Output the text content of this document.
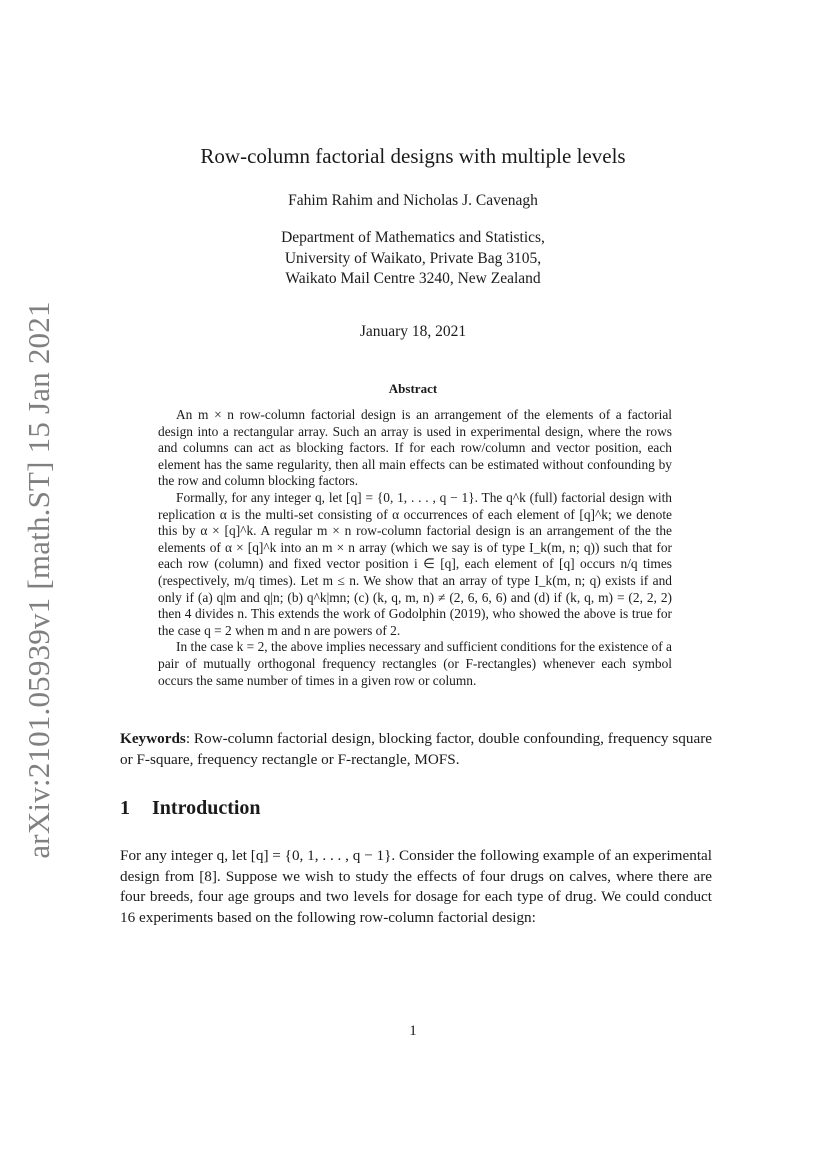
arXiv:2101.05939v1 [math.ST] 15 Jan 2021
Row-column factorial designs with multiple levels
Fahim Rahim and Nicholas J. Cavenagh
Department of Mathematics and Statistics,
University of Waikato, Private Bag 3105,
Waikato Mail Centre 3240, New Zealand
January 18, 2021
Abstract

An m × n row-column factorial design is an arrangement of the elements of a factorial design into a rectangular array. Such an array is used in experimental design, where the rows and columns can act as blocking factors. If for each row/column and vector position, each element has the same regularity, then all main effects can be estimated without confounding by the row and column blocking factors.

Formally, for any integer q, let [q] = {0, 1, . . . , q − 1}. The q^k (full) factorial design with replication α is the multi-set consisting of α occurrences of each element of [q]^k; we denote this by α × [q]^k. A regular m × n row-column factorial design is an arrangement of the the elements of α × [q]^k into an m × n array (which we say is of type I_k(m, n; q)) such that for each row (column) and fixed vector position i ∈ [q], each element of [q] occurs n/q times (respectively, m/q times). Let m ≤ n. We show that an array of type I_k(m, n; q) exists if and only if (a) q|m and q|n; (b) q^k|mn; (c) (k, q, m, n) ≠ (2, 6, 6, 6) and (d) if (k, q, m) = (2, 2, 2) then 4 divides n. This extends the work of Godolphin (2019), who showed the above is true for the case q = 2 when m and n are powers of 2.

In the case k = 2, the above implies necessary and sufficient conditions for the existence of a pair of mutually orthogonal frequency rectangles (or F-rectangles) whenever each symbol occurs the same number of times in a given row or column.

Keywords: Row-column factorial design, blocking factor, double confounding, frequency square or F-square, frequency rectangle or F-rectangle, MOFS.
1 Introduction

For any integer q, let [q] = {0, 1, . . . , q − 1}. Consider the following example of an experimental design from [8]. Suppose we wish to study the effects of four drugs on calves, where there are four breeds, four age groups and two levels for dosage for each type of drug. We could conduct 16 experiments based on the following row-column factorial design:

1
